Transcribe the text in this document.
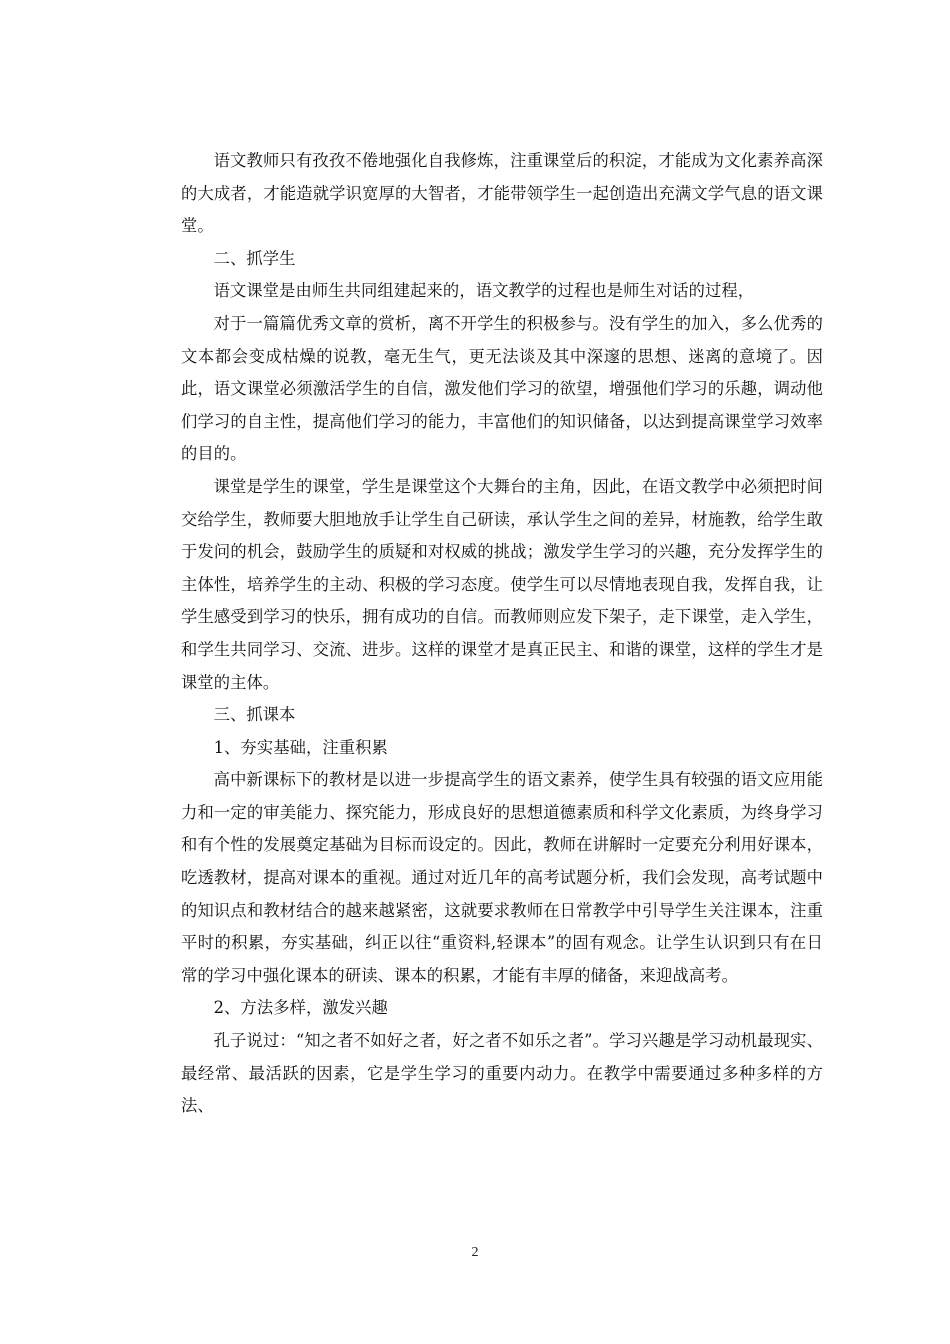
语文教师只有孜孜不倦地强化自我修炼，注重课堂后的积淀，才能成为文化素养高深的大成者，才能造就学识宽厚的大智者，才能带领学生一起创造出充满文学气息的语文课堂。

二、抓学生

语文课堂是由师生共同组建起来的，语文教学的过程也是师生对话的过程，

对于一篇篇优秀文章的赏析，离不开学生的积极参与。没有学生的加入，多么优秀的文本都会变成枯燥的说教，毫无生气，更无法谈及其中深邃的思想、迷离的意境了。因此，语文课堂必须激活学生的自信，激发他们学习的欲望，增强他们学习的乐趣，调动他们学习的自主性，提高他们学习的能力，丰富他们的知识储备，以达到提高课堂学习效率的目的。

课堂是学生的课堂，学生是课堂这个大舞台的主角，因此，在语文教学中必须把时间交给学生，教师要大胆地放手让学生自己研读，承认学生之间的差异，材施教，给学生敢于发问的机会，鼓励学生的质疑和对权威的挑战；激发学生学习的兴趣，充分发挥学生的主体性，培养学生的主动、积极的学习态度。使学生可以尽情地表现自我，发挥自我，让学生感受到学习的快乐，拥有成功的自信。而教师则应发下架子，走下课堂，走入学生，和学生共同学习、交流、进步。这样的课堂才是真正民主、和谐的课堂，这样的学生才是课堂的主体。

三、抓课本

1、夯实基础，注重积累

高中新课标下的教材是以进一步提高学生的语文素养，使学生具有较强的语文应用能力和一定的审美能力、探究能力，形成良好的思想道德素质和科学文化素质，为终身学习和有个性的发展奠定基础为目标而设定的。因此，教师在讲解时一定要充分利用好课本，吃透教材，提高对课本的重视。通过对近几年的高考试题分析，我们会发现，高考试题中的知识点和教材结合的越来越紧密，这就要求教师在日常教学中引导学生关注课本，注重平时的积累，夯实基础，纠正以往“重资料,轻课本”的固有观念。让学生认识到只有在日常的学习中强化课本的研读、课本的积累，才能有丰厚的储备，来迎战高考。

2、方法多样，激发兴趣

孔子说过：“知之者不如好之者，好之者不如乐之者”。学习兴趣是学习动机最现实、最经常、最活跃的因素，它是学生学习的重要内动力。在教学中需要通过多种多样的方法、

2
